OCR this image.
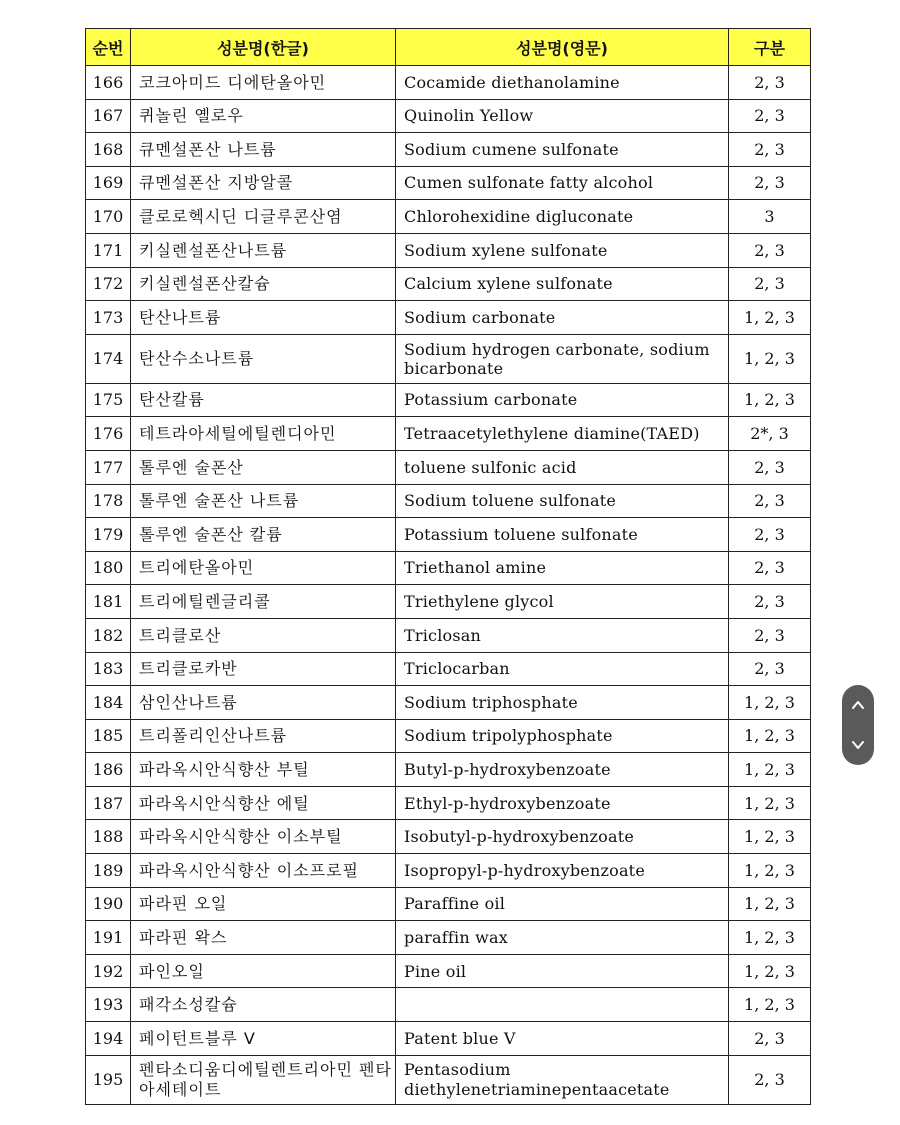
순번	성분명(한글)	성분명(영문)	구분
166	코크아미드 디에탄올아민	Cocamide diethanolamine	2, 3
167	퀴놀린 옐로우	Quinolin Yellow	2, 3
168	큐멘설폰산 나트륨	Sodium cumene sulfonate	2, 3
169	큐멘설폰산 지방알콜	Cumen sulfonate fatty alcohol	2, 3
170	클로로헥시딘 디글루콘산염	Chlorohexidine digluconate	3
171	키실렌설폰산나트륨	Sodium xylene sulfonate	2, 3
172	키실렌설폰산칼슘	Calcium xylene sulfonate	2, 3
173	탄산나트륨	Sodium carbonate	1, 2, 3
174	탄산수소나트륨	Sodium hydrogen carbonate, sodium bicarbonate	1, 2, 3
175	탄산칼륨	Potassium carbonate	1, 2, 3
176	테트라아세틸에틸렌디아민	Tetraacetylethylene diamine(TAED)	2*, 3
177	톨루엔 술폰산	toluene sulfonic acid	2, 3
178	톨루엔 술폰산 나트륨	Sodium toluene sulfonate	2, 3
179	톨루엔 술폰산 칼륨	Potassium toluene sulfonate	2, 3
180	트리에탄올아민	Triethanol amine	2, 3
181	트리에틸렌글리콜	Triethylene glycol	2, 3
182	트리클로산	Triclosan	2, 3
183	트리클로카반	Triclocarban	2, 3
184	삼인산나트륨	Sodium triphosphate	1, 2, 3
185	트리폴리인산나트륨	Sodium tripolyphosphate	1, 2, 3
186	파라옥시안식향산 부틸	Butyl-p-hydroxybenzoate	1, 2, 3
187	파라옥시안식향산 에틸	Ethyl-p-hydroxybenzoate	1, 2, 3
188	파라옥시안식향산 이소부틸	Isobutyl-p-hydroxybenzoate	1, 2, 3
189	파라옥시안식향산 이소프로필	Isopropyl-p-hydroxybenzoate	1, 2, 3
190	파라핀 오일	Paraffine oil	1, 2, 3
191	파라핀 왁스	paraffin wax	1, 2, 3
192	파인오일	Pine oil	1, 2, 3
193	패각소성칼슘		1, 2, 3
194	페이턴트블루 V	Patent blue V	2, 3
195	펜타소디움디에틸렌트리아민 펜타아세테이트	Pentasodium diethylenetriaminepentaacetate	2, 3
